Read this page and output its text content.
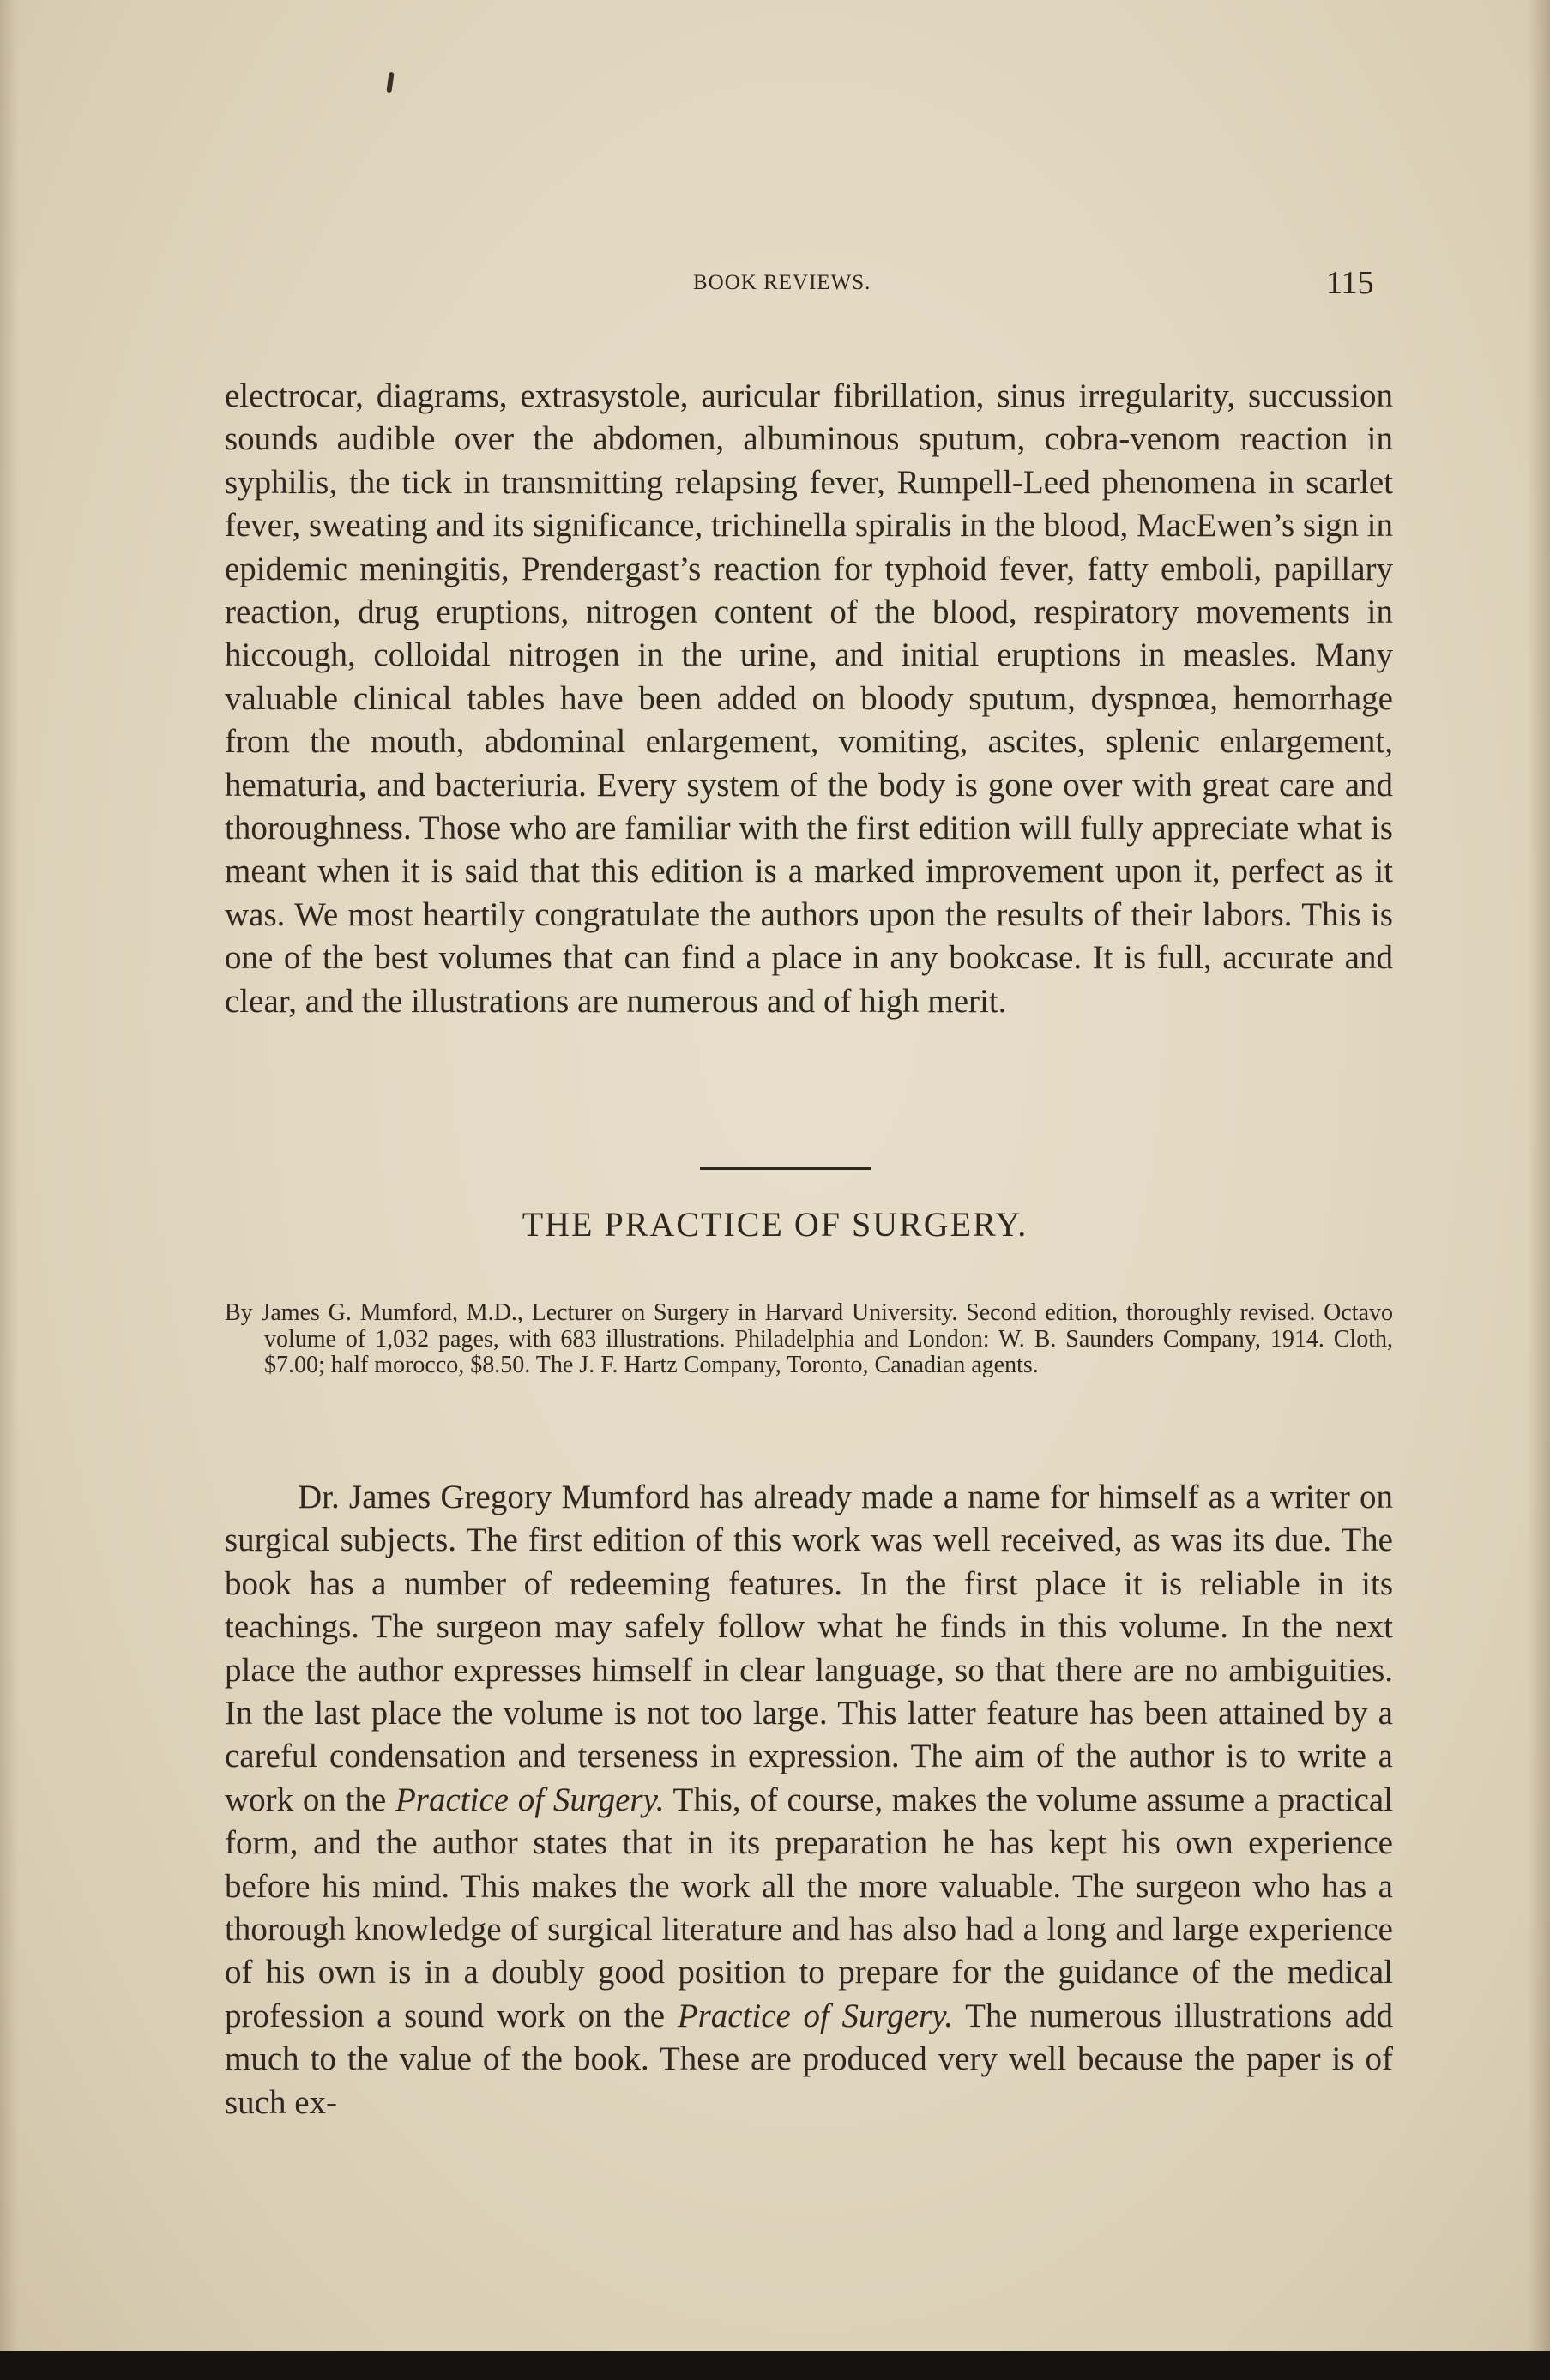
BOOK REVIEWS.	115

electrocar, diagrams, extrasystole, auricular fibrillation, sinus irregularity, succussion sounds audible over the abdomen, albuminous sputum, cobra-venom reaction in syphilis, the tick in transmitting relapsing fever, Rumpell-Leed phenomena in scarlet fever, sweating and its significance, trichinella spiralis in the blood, MacEwen’s sign in epidemic meningitis, Prendergast’s reaction for typhoid fever, fatty emboli, papillary reaction, drug eruptions, nitrogen content of the blood, respiratory movements in hiccough, colloidal nitrogen in the urine, and initial eruptions in measles. Many valuable clinical tables have been added on bloody sputum, dyspnœa, hemorrhage from the mouth, abdominal enlargement, vomiting, ascites, splenic enlargement, hematuria, and bacteriuria. Every system of the body is gone over with great care and thoroughness. Those who are familiar with the first edition will fully appreciate what is meant when it is said that this edition is a marked improvement upon it, perfect as it was. We most heartily congratulate the authors upon the results of their labors. This is one of the best volumes that can find a place in any bookcase. It is full, accurate and clear, and the illustrations are numerous and of high merit.

THE PRACTICE OF SURGERY.

By James G. Mumford, M.D., Lecturer on Surgery in Harvard University. Second edition, thoroughly revised. Octavo volume of 1,032 pages, with 683 illustrations. Philadelphia and London: W. B. Saunders Company, 1914. Cloth, $7.00; half morocco, $8.50. The J. F. Hartz Company, Toronto, Canadian agents.

Dr. James Gregory Mumford has already made a name for himself as a writer on surgical subjects. The first edition of this work was well received, as was its due. The book has a number of redeeming features. In the first place it is reliable in its teachings. The surgeon may safely follow what he finds in this volume. In the next place the author expresses himself in clear language, so that there are no ambiguities. In the last place the volume is not too large. This latter feature has been attained by a careful condensation and terseness in expression. The aim of the author is to write a work on the Practice of Surgery. This, of course, makes the volume assume a practical form, and the author states that in its preparation he has kept his own experience before his mind. This makes the work all the more valuable. The surgeon who has a thorough knowledge of surgical literature and has also had a long and large experience of his own is in a doubly good position to prepare for the guidance of the medical profession a sound work on the Practice of Surgery. The numerous illustrations add much to the value of the book. These are produced very well because the paper is of such ex-
